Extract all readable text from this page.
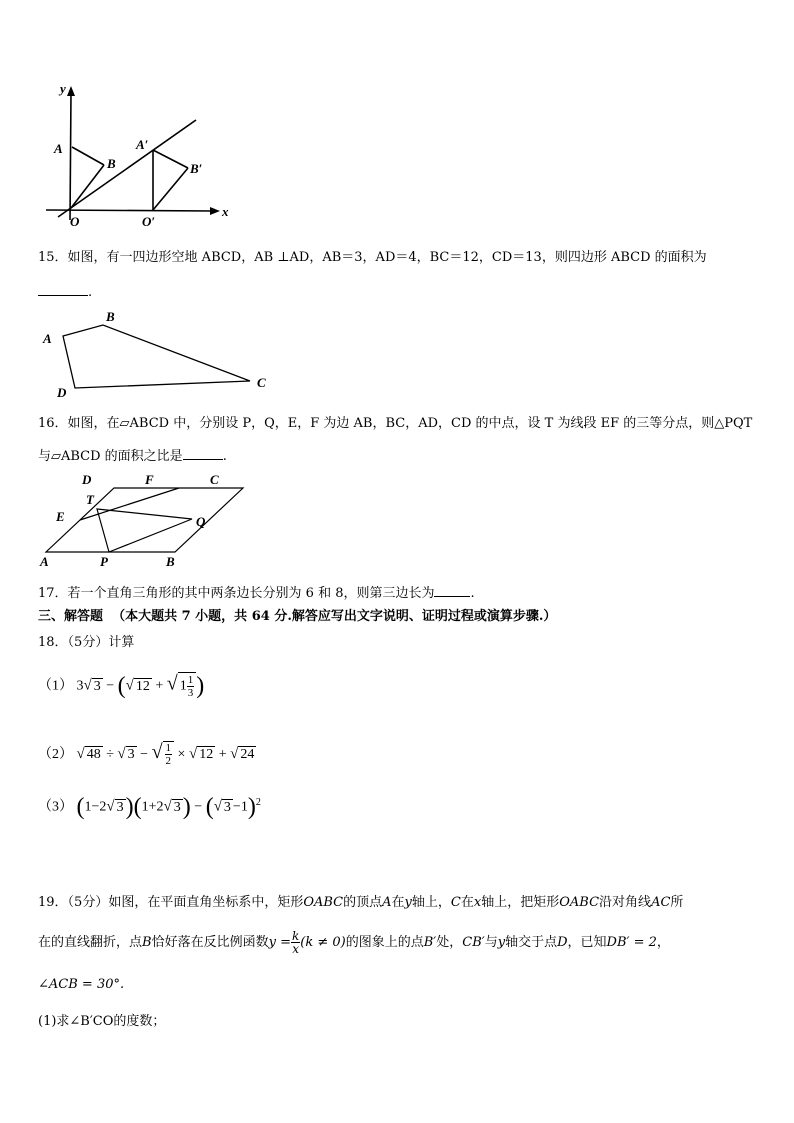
y
x
A
B
O
A′
B′
O′
15．如图，有一四边形空地 ABCD，AB ⊥AD，AB＝3，AD＝4，BC＝12，CD＝13，则四边形 ABCD 的面积为
.
A
B
C
D
16．如图，在▱ABCD 中，分别设 P，Q，E，F 为边 AB，BC，AD，CD 的中点，设 T 为线段 EF 的三等分点，则△PQT
与▱ABCD 的面积之比是	.
A	B
C
D
E
F
T
P
Q
17．若一个直角三角形的其中两条边长分别为 6 和 8，则第三边长为	.
三、解答题 （本大题共 7 小题，共 64 分.解答应写出文字说明、证明过程或演算步骤.）
18．（5分）计算
（1） 3√ 3 − (√ 12 + √ $1 \frac{1}{3}$ )
（2） √ 48 ÷ √ 3 − √ $\frac{1}{2}$ × √ 12 + √ 24
（3） (1−2√ 3)(1+2√ 3) − (√ 3 −1)$^2$
19．（5分）如图，在平面直角坐标系中，矩形OABC的顶点A在y轴上，C在x轴上，把矩形OABC沿对角线AC所
在的直线翻折，点B恰好落在反比例函数$y = \frac{k}{x} (k \ne 0)$的图象上的点B′处，CB′与y轴交于点D，已知DB′ = 2，
∠ACB = 30°.
(1)求∠B′CO的度数；
